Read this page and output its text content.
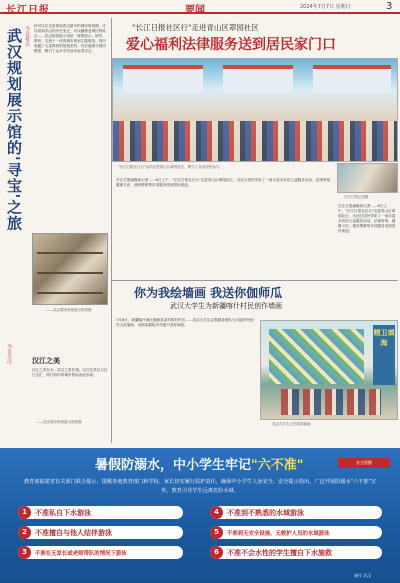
长江日报	要闻	2024年7月7日 星期日	3
武汉规划展示馆的'寻宝'之旅 今日看点 你可以在这里看到武汉最早的城市规划图，可以看到武汉的历史变迁，可以触摸老城区的砖瓦……武汉规划展示馆是一座集展示、研究、教育、交流于一体的城市规划主题展馆。馆内收藏了大量珍贵的规划史料、历史地图与城市模型，吸引了众多市民前来参观寻宝。
——武汉城市规划展示馆供图
今日关注	汉江之美
汉江之美在水，武汉之美在城。汉江在武汉与长江交汇，两江四岸的城市格局由此形成。
——武汉城市规划展示馆供图
"长江日报社区行"走进青山区翠园社区
爱心福利法律服务送到居民家门口
"长江日报社区行"活动走进青山区翠园社区，吸引了众多居民参与。
长江日报记者摄
长江日报融媒体记者……6日上午，"长江日报社区行"走进青山区翠园社区，为社区居民带来了一场丰富多彩的公益服务活动，法律咨询、健康义诊、便民维修等多项服务受到居民欢迎。
长江日报融媒体记者……6日上午，"长江日报社区行"走进青山区翠园社区，为社区居民带来了一场丰富多彩的公益服务活动，法律咨询、健康义诊、便民维修等多项服务受到居民欢迎。
你为我绘墙画 我送你伽师瓜
武汉大学生为新疆喀什村民创作墙画
7月6日，新疆喀什地区伽师县某村的村民们……武汉大学生志愿服务团队为当地村民创作文化墙画，用画笔描绘乡村振兴美好画卷。
精卫填海
武汉大学生正在绘制墙画
暑假防溺水，中小学生牢记"六不准"	安全提醒
教育部福建省有关部门联合提示，提醒各地教育部门和学校、家长切实履行监护责任，确保中小学生人身安全。安全提示指出，广泛开展防溺水"六不准"宣传，教育引导学生远离危险水域。
1	不准私自下水游泳
2	不准擅自与他人结伴游泳
3	不准在无家长或老师带队的情况下游泳
4	不准到不熟悉的水域游泳
5	不准到无安全设施、无救护人员的水域游泳
6	不准不会水性的学生擅自下水施救
制作 武汉
